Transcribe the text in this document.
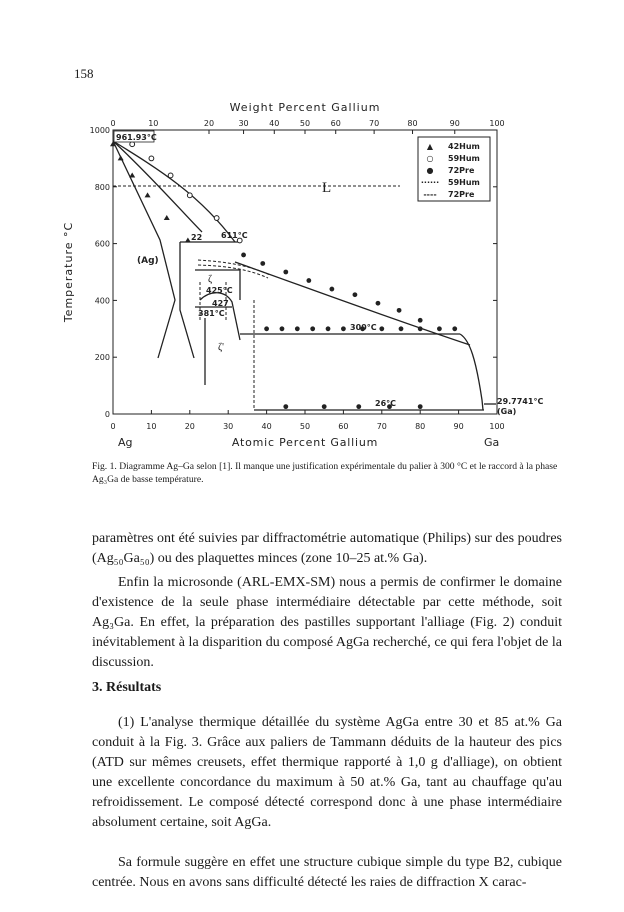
158
Weight Percent Gallium
0	10	20	30	40	50	60	70	80	90	100
Temperature °C
0
200
400
600
800
1000
0	10	20	30	40	50	60	70	80	90	100
Ag	Atomic Percent Gallium	Ga
961.93°C
L
(Ag)
611°C
22
427
425°C
381°C
ζ
ζ'
300°C
26°C	29.7741°C
(Ga)
▲ 42Hum
○ 59Hum
● 72Pre
······ 59Hum
---- 72Pre
Fig. 1. Diagramme Ag–Ga selon [1]. Il manque une justification expérimentale du palier à 300 °C et le raccord à la phase Ag₃Ga de basse température.
paramètres ont été suivies par diffractométrie automatique (Philips) sur des poudres (Ag₅₀Ga₅₀) ou des plaquettes minces (zone 10–25 at.% Ga).
Enfin la microsonde (ARL-EMX-SM) nous a permis de confirmer le domaine d'existence de la seule phase intermédiaire détectable par cette méthode, soit Ag₃Ga. En effet, la préparation des pastilles supportant l'alliage (Fig. 2) conduit inévitablement à la disparition du composé AgGa recherché, ce qui fera l'objet de la discussion.
3. Résultats
(1) L'analyse thermique détaillée du système AgGa entre 30 et 85 at.% Ga conduit à la Fig. 3. Grâce aux paliers de Tammann déduits de la hauteur des pics (ATD sur mêmes creusets, effet thermique rapporté à 1,0 g d'alliage), on obtient une excellente concordance du maximum à 50 at.% Ga, tant au chauffage qu'au refroidissement. Le composé détecté correspond donc à une phase intermédiaire absolument certaine, soit AgGa.
Sa formule suggère en effet une structure cubique simple du type B2, cubique centrée. Nous en avons sans difficulté détecté les raies de diffraction X carac-
